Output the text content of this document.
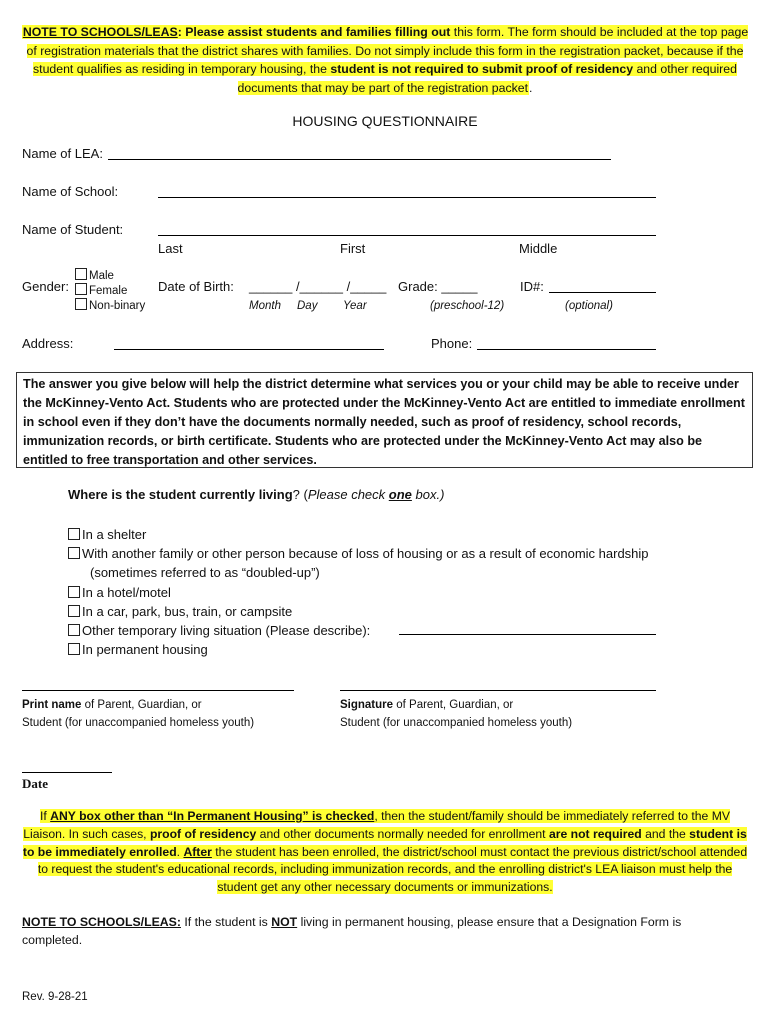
NOTE TO SCHOOLS/LEAS: Please assist students and families filling out this form. The form should be included at the top page of registration materials that the district shares with families. Do not simply include this form in the registration packet, because if the student qualifies as residing in temporary housing, the student is not required to submit proof of residency and other required documents that may be part of the registration packet.
HOUSING QUESTIONNAIRE
Name of LEA:
Name of School:
Name of Student:
Last	First	Middle
Gender:
Male
Female
Non-binary
Date of Birth: ______ /______ /_____
Month Day Year
Grade: _____
(preschool-12)
ID#:
(optional)
Address:	Phone:
The answer you give below will help the district determine what services you or your child may be able to receive under the McKinney-Vento Act. Students who are protected under the McKinney-Vento Act are entitled to immediate enrollment in school even if they don’t have the documents normally needed, such as proof of residency, school records, immunization records, or birth certificate. Students who are protected under the McKinney-Vento Act may also be entitled to free transportation and other services.
Where is the student currently living? (Please check one box.)
In a shelter
With another family or other person because of loss of housing or as a result of economic hardship
(sometimes referred to as “doubled-up”)
In a hotel/motel
In a car, park, bus, train, or campsite
Other temporary living situation (Please describe):
In permanent housing
Print name of Parent, Guardian, or
Student (for unaccompanied homeless youth)
Signature of Parent, Guardian, or
Student (for unaccompanied homeless youth)
Date
If ANY box other than “In Permanent Housing” is checked, then the student/family should be immediately referred to the MV Liaison. In such cases, proof of residency and other documents normally needed for enrollment are not required and the student is to be immediately enrolled. After the student has been enrolled, the district/school must contact the previous district/school attended to request the student's educational records, including immunization records, and the enrolling district's LEA liaison must help the student get any other necessary documents or immunizations.
NOTE TO SCHOOLS/LEAS: If the student is NOT living in permanent housing, please ensure that a Designation Form is completed.
Rev. 9-28-21
